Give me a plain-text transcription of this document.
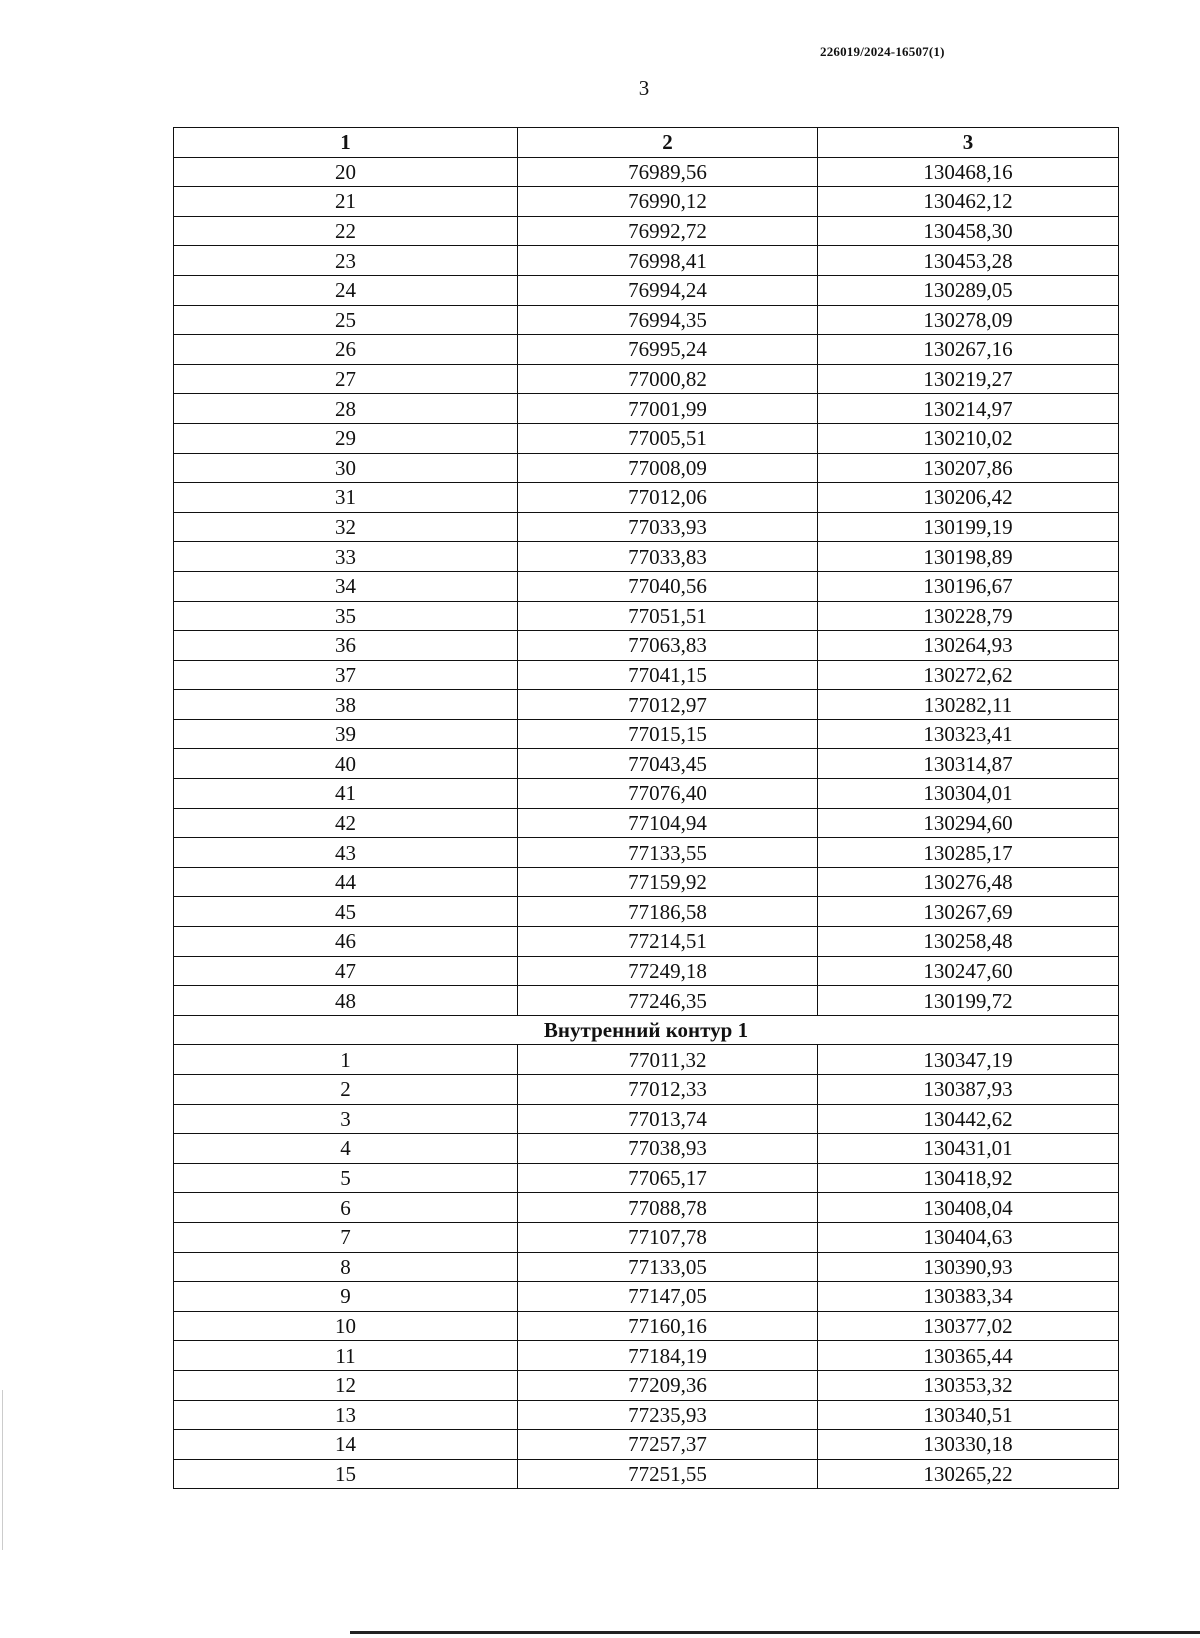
226019/2024-16507(1)
3
1	2	3
20	76989,56	130468,16
21	76990,12	130462,12
22	76992,72	130458,30
23	76998,41	130453,28
24	76994,24	130289,05
25	76994,35	130278,09
26	76995,24	130267,16
27	77000,82	130219,27
28	77001,99	130214,97
29	77005,51	130210,02
30	77008,09	130207,86
31	77012,06	130206,42
32	77033,93	130199,19
33	77033,83	130198,89
34	77040,56	130196,67
35	77051,51	130228,79
36	77063,83	130264,93
37	77041,15	130272,62
38	77012,97	130282,11
39	77015,15	130323,41
40	77043,45	130314,87
41	77076,40	130304,01
42	77104,94	130294,60
43	77133,55	130285,17
44	77159,92	130276,48
45	77186,58	130267,69
46	77214,51	130258,48
47	77249,18	130247,60
48	77246,35	130199,72
Внутренний контур 1		
1	77011,32	130347,19
2	77012,33	130387,93
3	77013,74	130442,62
4	77038,93	130431,01
5	77065,17	130418,92
6	77088,78	130408,04
7	77107,78	130404,63
8	77133,05	130390,93
9	77147,05	130383,34
10	77160,16	130377,02
11	77184,19	130365,44
12	77209,36	130353,32
13	77235,93	130340,51
14	77257,37	130330,18
15	77251,55	130265,22
